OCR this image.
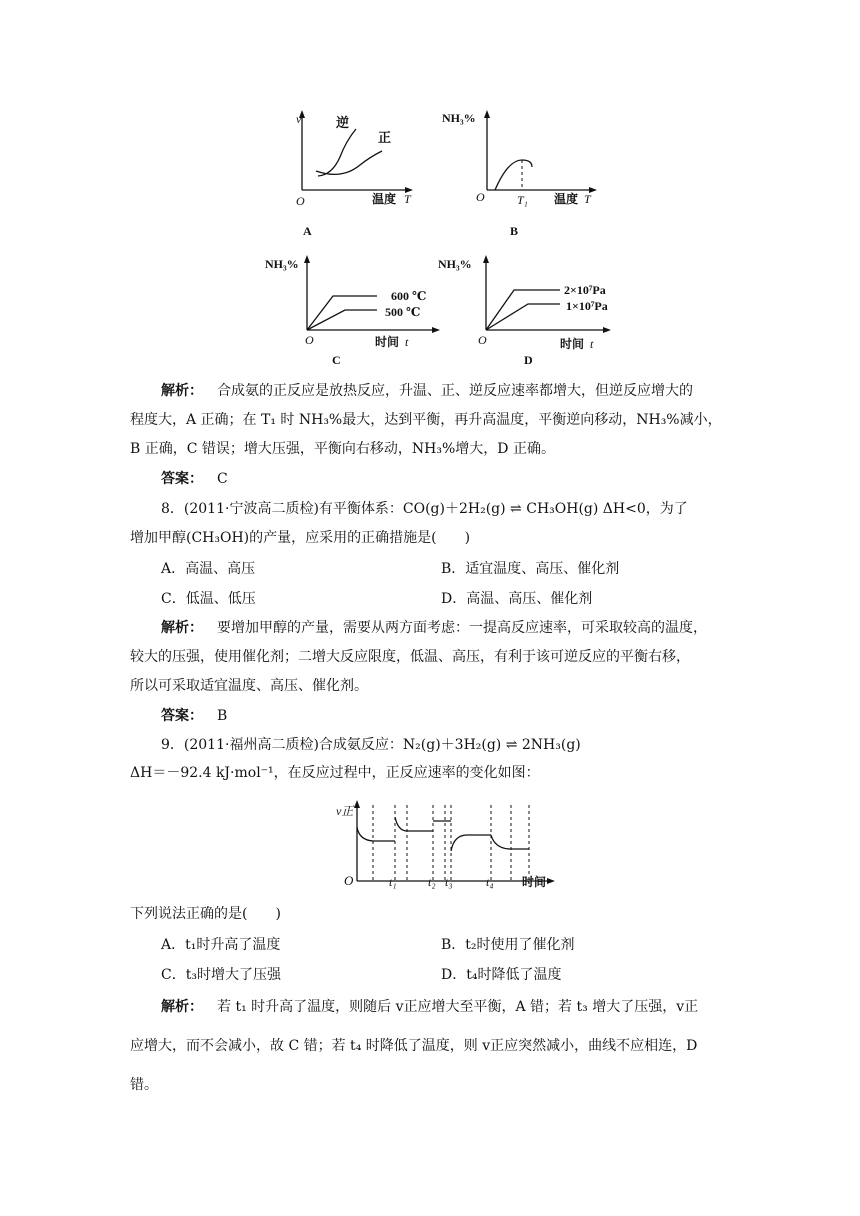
v	逆
正
O	温度 T
A
NH₃%
O	T₁ 温度 T
B
NH₃%
600 ℃
500 ℃
O	时间 t
C
NH₃%
2×10⁷Pa
1×10⁷Pa
O	时间 t
D
解析： 合成氨的正反应是放热反应，升温、正、逆反应速率都增大，但逆反应增大的
程度大，A 正确；在 T₁ 时 NH₃%最大，达到平衡，再升高温度，平衡逆向移动，NH₃%减小，
B 正确，C 错误；增大压强，平衡向右移动，NH₃%增大，D 正确。
答案： C
8．(2011·宁波高二质检)有平衡体系：CO(g)＋2H₂(g) ⇌ CH₃OH(g) ΔH<0，为了
增加甲醇(CH₃OH)的产量，应采用的正确措施是(　　)
A．高温、高压	B．适宜温度、高压、催化剂
C．低温、低压	D．高温、高压、催化剂
解析： 要增加甲醇的产量，需要从两方面考虑：一提高反应速率，可采取较高的温度，
较大的压强，使用催化剂；二增大反应限度，低温、高压，有利于该可逆反应的平衡右移，
所以可采取适宜温度、高压、催化剂。
答案： B
9．(2011·福州高二质检)合成氨反应：N₂(g)＋3H₂(g) ⇌ 2NH₃(g)
ΔH＝－92.4 kJ·mol⁻¹，在反应过程中，正反应速率的变化如图：
v正
O	t₁	t₂ t₃	t₄ 时间
下列说法正确的是(　　)
A．t₁时升高了温度	B．t₂时使用了催化剂
C．t₃时增大了压强	D．t₄时降低了温度
解析： 若 t₁ 时升高了温度，则随后 v正应增大至平衡，A 错；若 t₃ 增大了压强，v正
应增大，而不会减小，故 C 错；若 t₄ 时降低了温度，则 v正应突然减小，曲线不应相连，D
错。
